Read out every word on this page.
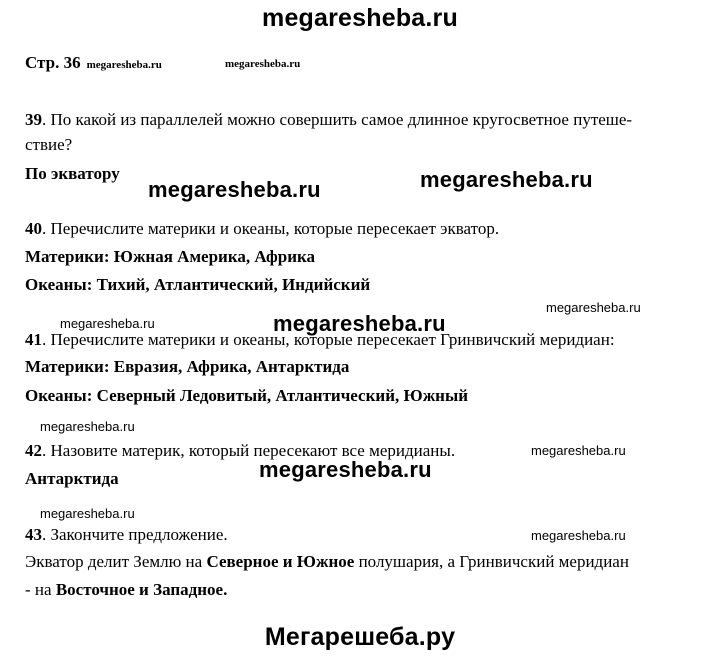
megaresheba.ru
Стр. 36 megaresheba.ru	megaresheba.ru
39. По какой из параллелей можно совершить самое длинное кругосветное путеше-
ствие?
По экватору
megaresheba.ru	megaresheba.ru
40. Перечислите материки и океаны, которые пересекает экватор.
Материки: Южная Америка, Африка
Океаны: Тихий, Атлантический, Индийский
megaresheba.ru
megaresheba.ru	megaresheba.ru
41. Перечислите материки и океаны, которые пересекает Гринвичский меридиан:
Материки: Евразия, Африка, Антарктида
Океаны: Северный Ледовитый, Атлантический, Южный
megaresheba.ru
42. Назовите материк, который пересекают все меридианы.	megaresheba.ru
megaresheba.ru
Антарктида
megaresheba.ru
43. Закончите предложение.	megaresheba.ru
Экватор делит Землю на Северное и Южное полушария, а Гринвичский меридиан
- на Восточное и Западное.
Мегарешеба.ру
